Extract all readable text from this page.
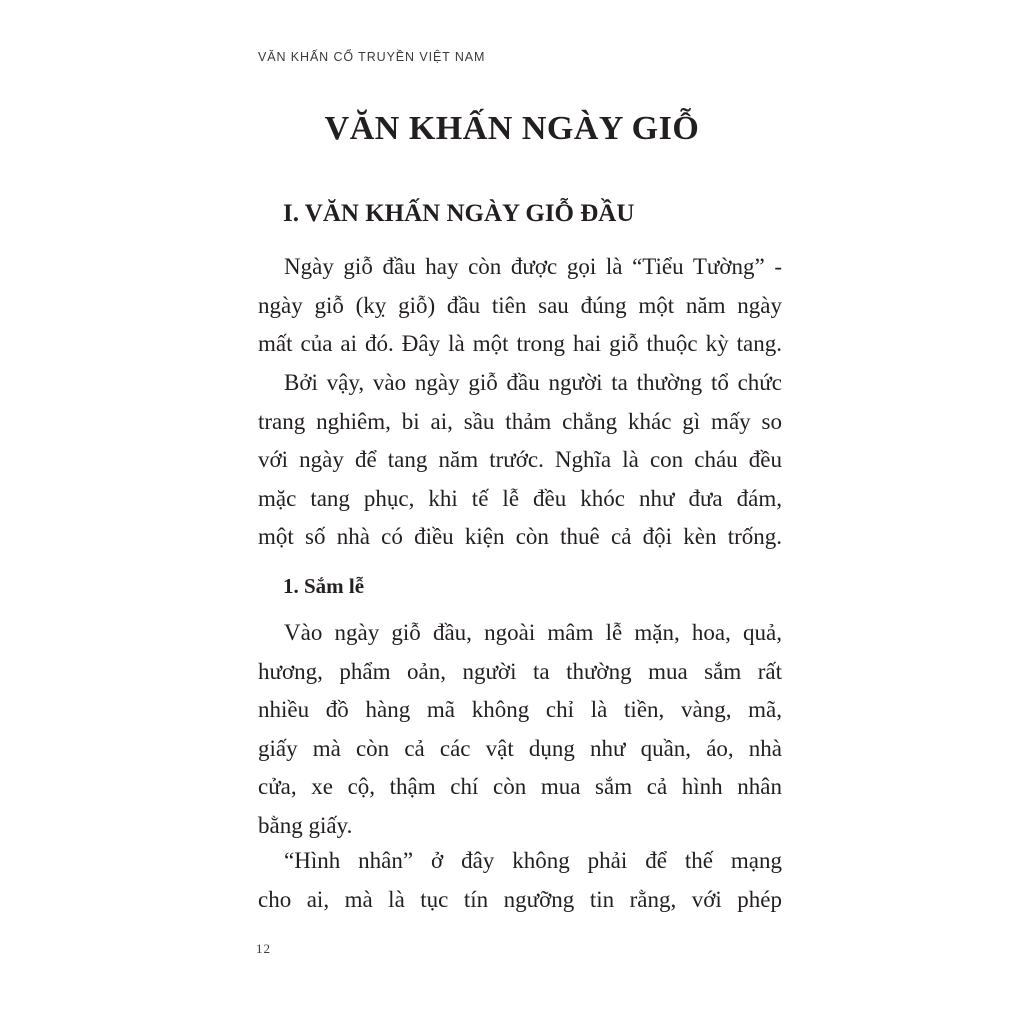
VĂN KHẤN CỔ TRUYỀN VIỆT NAM
VĂN KHẤN NGÀY GIỖ
I. VĂN KHẤN NGÀY GIỖ ĐẦU
Ngày giỗ đầu hay còn được gọi là “Tiểu Tường” -
ngày giỗ (kỵ giỗ) đầu tiên sau đúng một năm ngày
mất của ai đó. Đây là một trong hai giỗ thuộc kỳ tang.
Bởi vậy, vào ngày giỗ đầu người ta thường tổ chức
trang nghiêm, bi ai, sầu thảm chẳng khác gì mấy so
với ngày để tang năm trước. Nghĩa là con cháu đều
mặc tang phục, khi tế lễ đều khóc như đưa đám,
một số nhà có điều kiện còn thuê cả đội kèn trống.
1. Sắm lễ
Vào ngày giỗ đầu, ngoài mâm lễ mặn, hoa, quả,
hương, phẩm oản, người ta thường mua sắm rất
nhiều đồ hàng mã không chỉ là tiền, vàng, mã,
giấy mà còn cả các vật dụng như quần, áo, nhà
cửa, xe cộ, thậm chí còn mua sắm cả hình nhân
bằng giấy.
“Hình nhân” ở đây không phải để thế mạng
cho ai, mà là tục tín ngưỡng tin rằng, với phép
12
